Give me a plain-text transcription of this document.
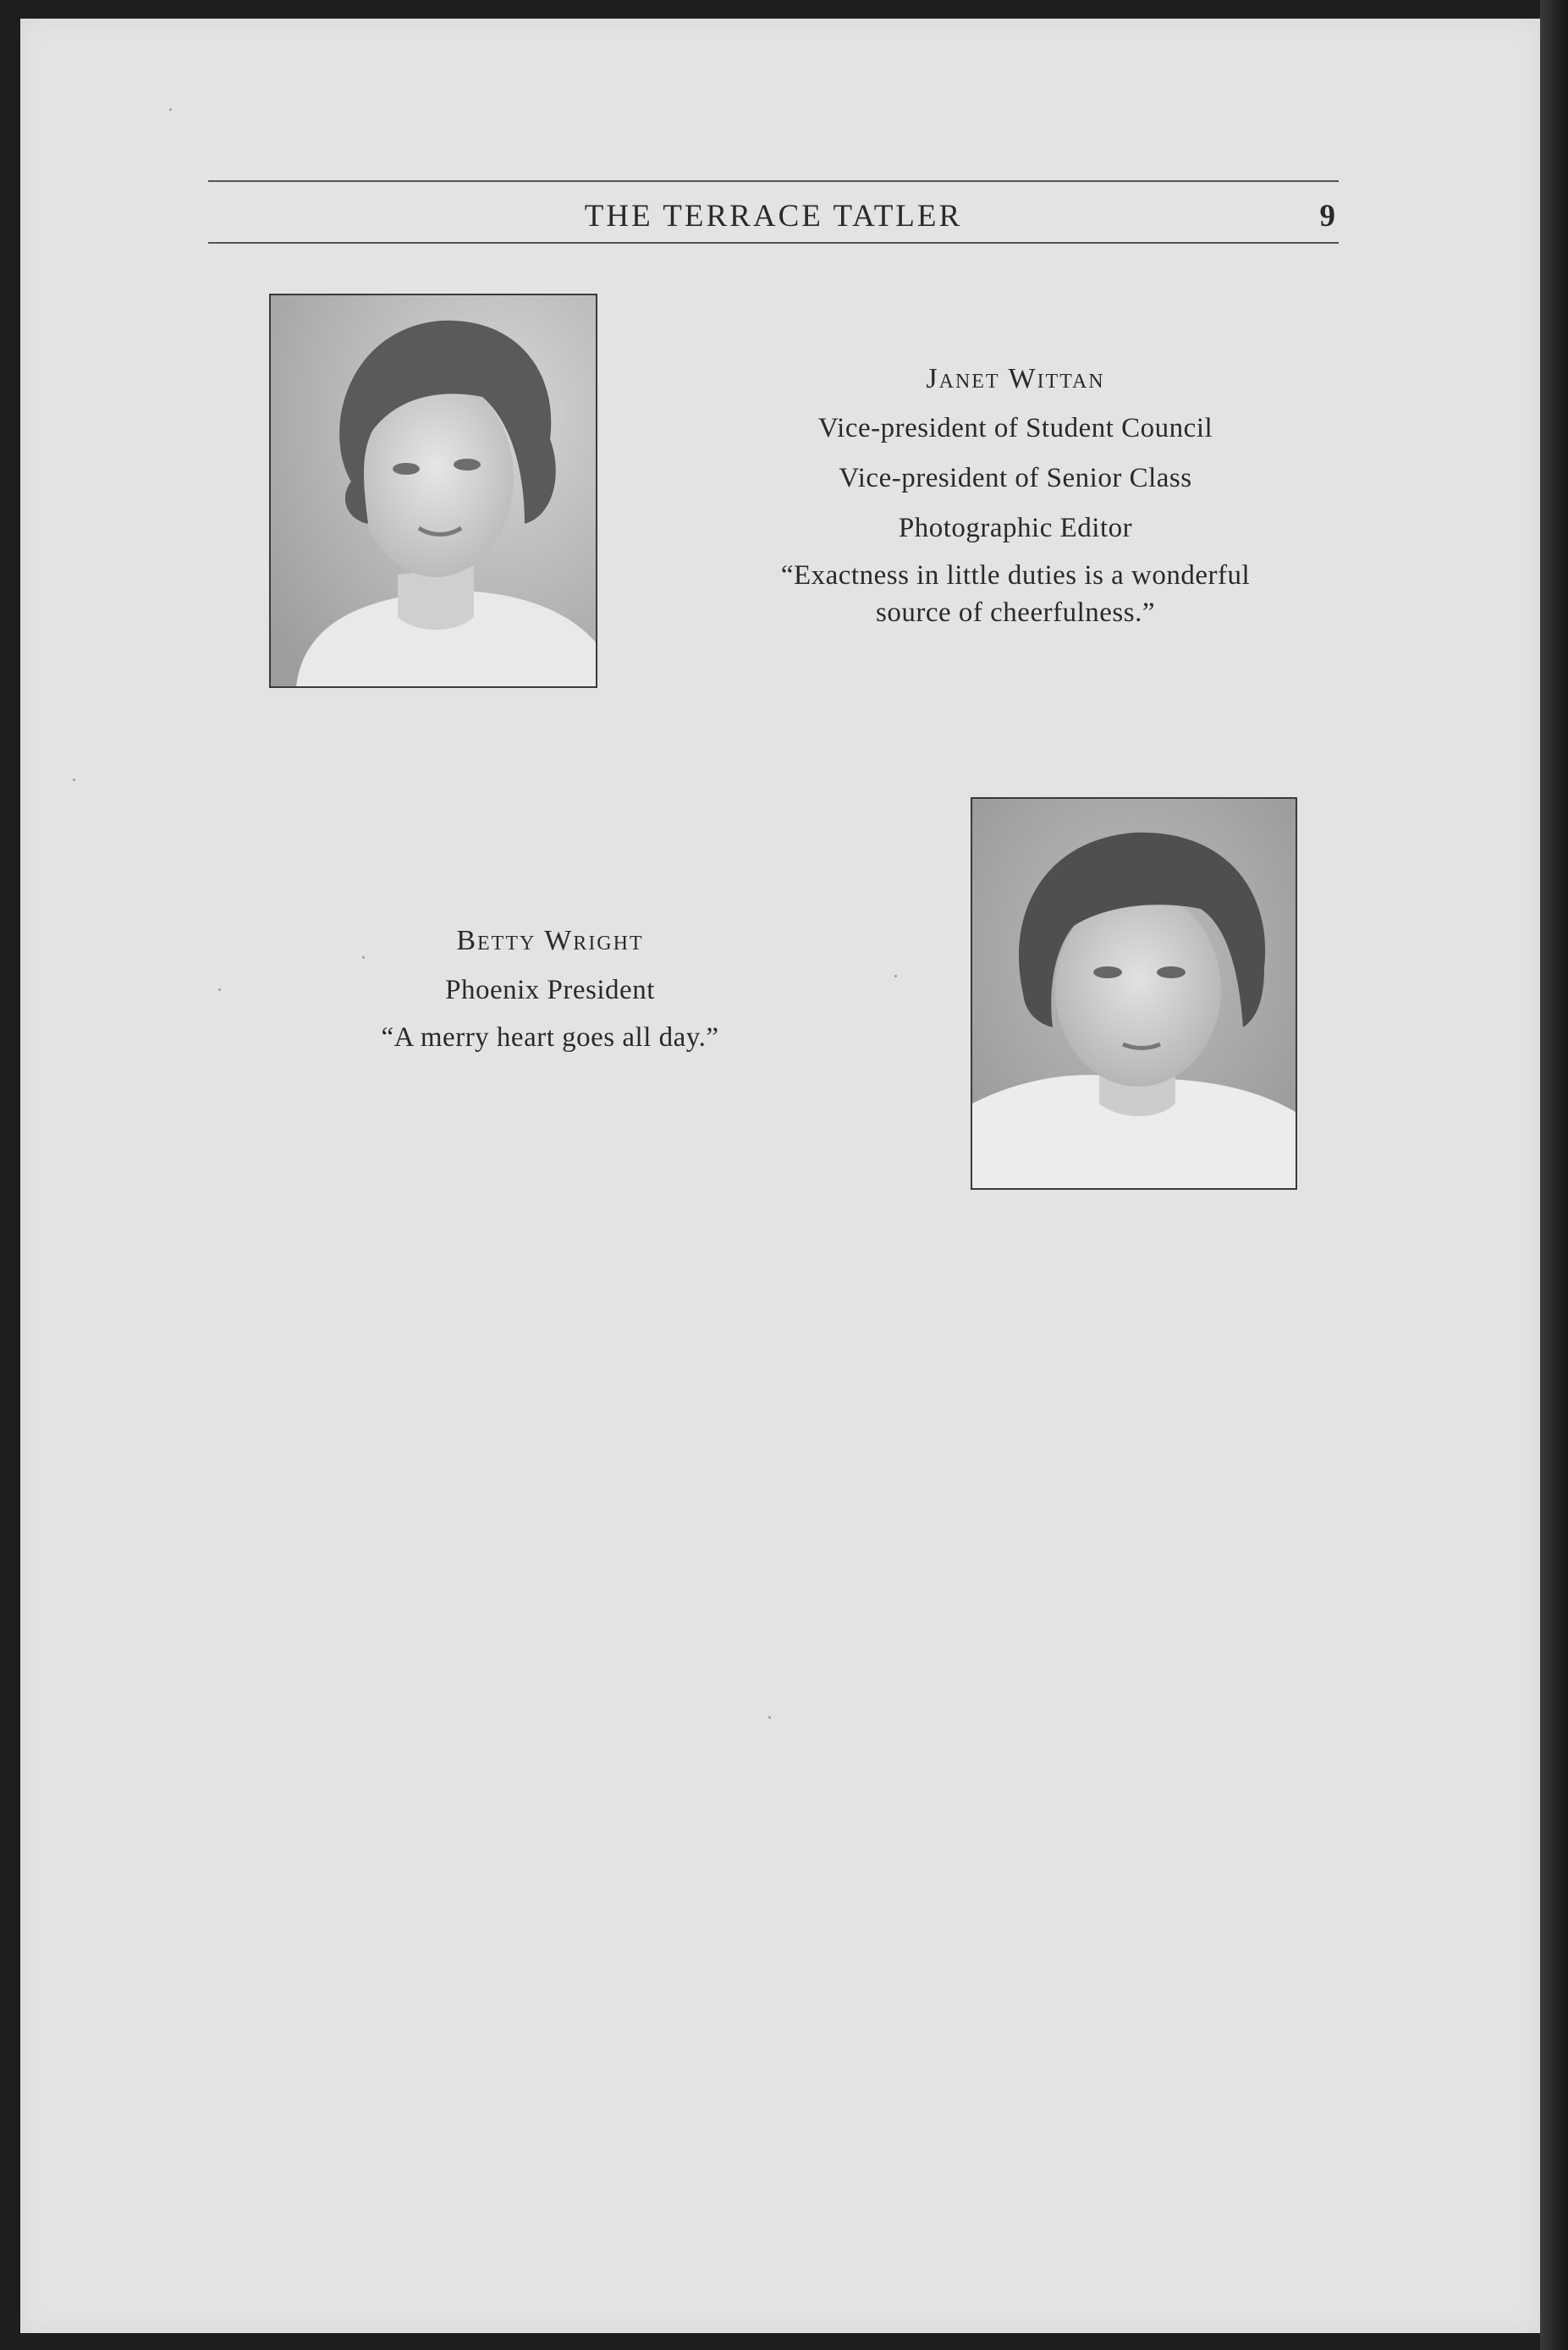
THE TERRACE TATLER	9
Janet Wittan
Vice-president of Student Council
Vice-president of Senior Class
Photographic Editor
“Exactness in little duties is a wonderful
source of cheerfulness.”
Betty Wright
Phoenix President
“A merry heart goes all day.”
